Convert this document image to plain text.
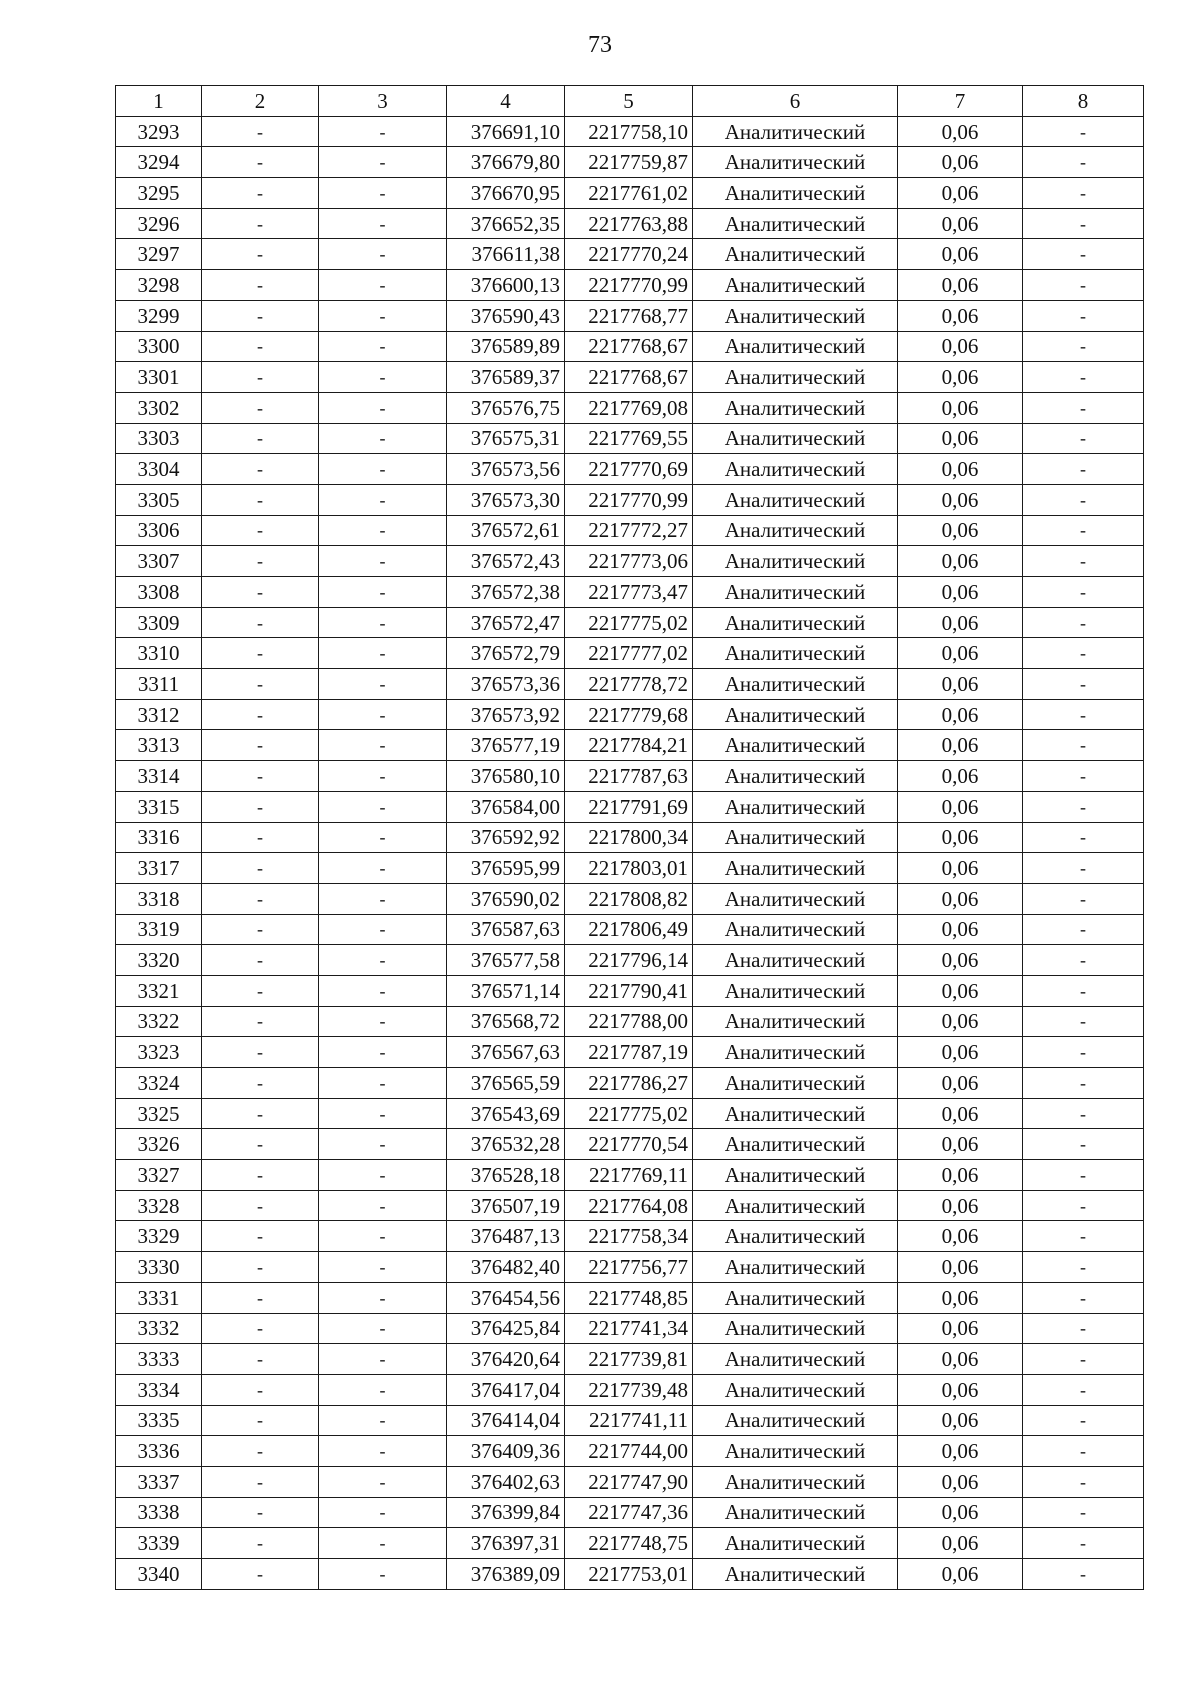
73
1	2	3	4	5	6	7	8
3293	-	-	376691,10	2217758,10	Аналитический	0,06	-
3294	-	-	376679,80	2217759,87	Аналитический	0,06	-
3295	-	-	376670,95	2217761,02	Аналитический	0,06	-
3296	-	-	376652,35	2217763,88	Аналитический	0,06	-
3297	-	-	376611,38	2217770,24	Аналитический	0,06	-
3298	-	-	376600,13	2217770,99	Аналитический	0,06	-
3299	-	-	376590,43	2217768,77	Аналитический	0,06	-
3300	-	-	376589,89	2217768,67	Аналитический	0,06	-
3301	-	-	376589,37	2217768,67	Аналитический	0,06	-
3302	-	-	376576,75	2217769,08	Аналитический	0,06	-
3303	-	-	376575,31	2217769,55	Аналитический	0,06	-
3304	-	-	376573,56	2217770,69	Аналитический	0,06	-
3305	-	-	376573,30	2217770,99	Аналитический	0,06	-
3306	-	-	376572,61	2217772,27	Аналитический	0,06	-
3307	-	-	376572,43	2217773,06	Аналитический	0,06	-
3308	-	-	376572,38	2217773,47	Аналитический	0,06	-
3309	-	-	376572,47	2217775,02	Аналитический	0,06	-
3310	-	-	376572,79	2217777,02	Аналитический	0,06	-
3311	-	-	376573,36	2217778,72	Аналитический	0,06	-
3312	-	-	376573,92	2217779,68	Аналитический	0,06	-
3313	-	-	376577,19	2217784,21	Аналитический	0,06	-
3314	-	-	376580,10	2217787,63	Аналитический	0,06	-
3315	-	-	376584,00	2217791,69	Аналитический	0,06	-
3316	-	-	376592,92	2217800,34	Аналитический	0,06	-
3317	-	-	376595,99	2217803,01	Аналитический	0,06	-
3318	-	-	376590,02	2217808,82	Аналитический	0,06	-
3319	-	-	376587,63	2217806,49	Аналитический	0,06	-
3320	-	-	376577,58	2217796,14	Аналитический	0,06	-
3321	-	-	376571,14	2217790,41	Аналитический	0,06	-
3322	-	-	376568,72	2217788,00	Аналитический	0,06	-
3323	-	-	376567,63	2217787,19	Аналитический	0,06	-
3324	-	-	376565,59	2217786,27	Аналитический	0,06	-
3325	-	-	376543,69	2217775,02	Аналитический	0,06	-
3326	-	-	376532,28	2217770,54	Аналитический	0,06	-
3327	-	-	376528,18	2217769,11	Аналитический	0,06	-
3328	-	-	376507,19	2217764,08	Аналитический	0,06	-
3329	-	-	376487,13	2217758,34	Аналитический	0,06	-
3330	-	-	376482,40	2217756,77	Аналитический	0,06	-
3331	-	-	376454,56	2217748,85	Аналитический	0,06	-
3332	-	-	376425,84	2217741,34	Аналитический	0,06	-
3333	-	-	376420,64	2217739,81	Аналитический	0,06	-
3334	-	-	376417,04	2217739,48	Аналитический	0,06	-
3335	-	-	376414,04	2217741,11	Аналитический	0,06	-
3336	-	-	376409,36	2217744,00	Аналитический	0,06	-
3337	-	-	376402,63	2217747,90	Аналитический	0,06	-
3338	-	-	376399,84	2217747,36	Аналитический	0,06	-
3339	-	-	376397,31	2217748,75	Аналитический	0,06	-
3340	-	-	376389,09	2217753,01	Аналитический	0,06	-
